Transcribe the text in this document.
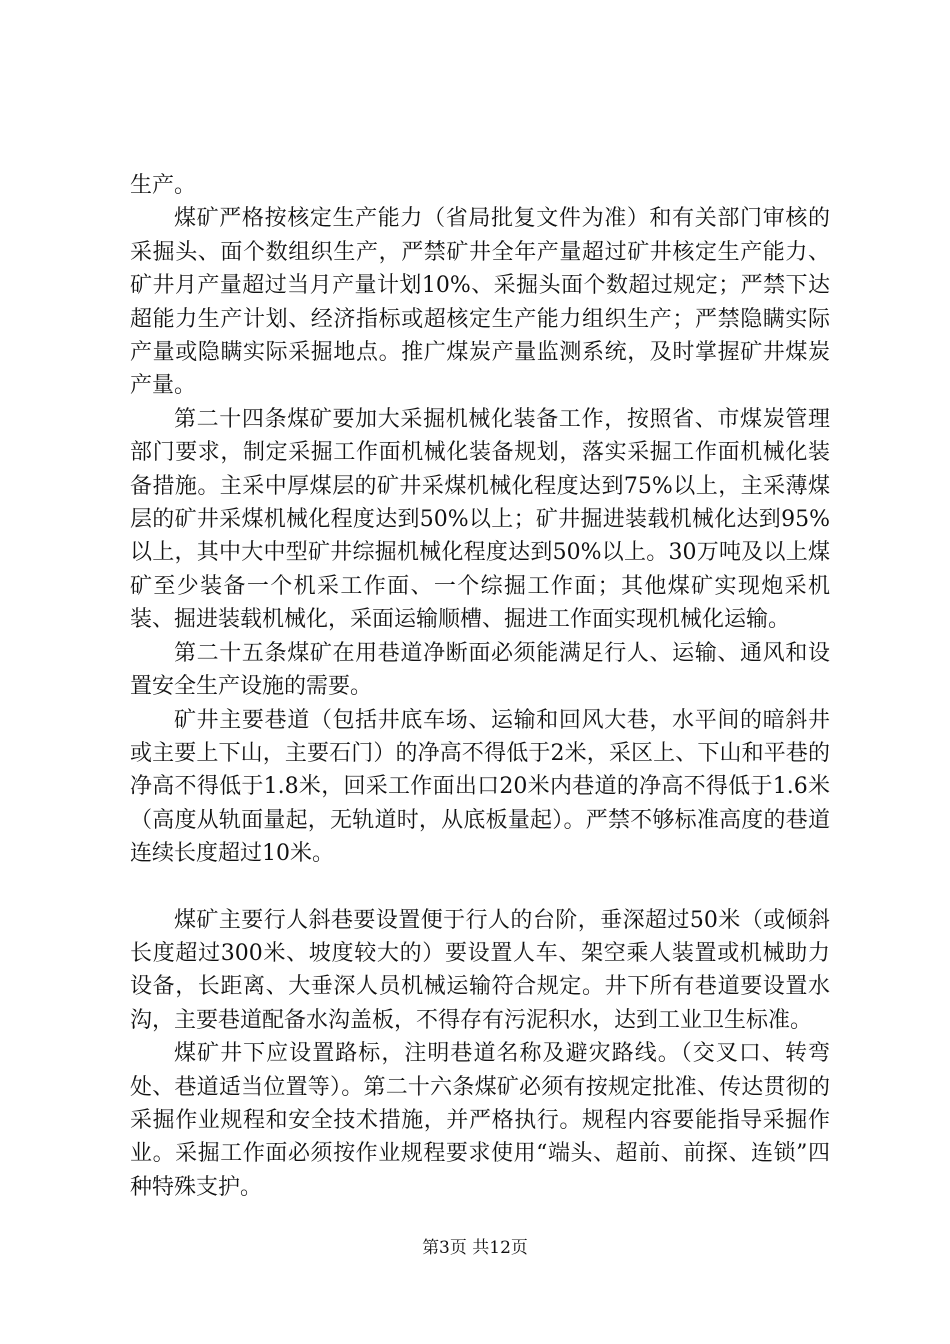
生产。

煤矿严格按核定生产能力（省局批复文件为准）和有关部门审核的采掘头、面个数组织生产，严禁矿井全年产量超过矿井核定生产能力、矿井月产量超过当月产量计划10%、采掘头面个数超过规定；严禁下达超能力生产计划、经济指标或超核定生产能力组织生产；严禁隐瞒实际产量或隐瞒实际采掘地点。推广煤炭产量监测系统，及时掌握矿井煤炭产量。

第二十四条煤矿要加大采掘机械化装备工作，按照省、市煤炭管理部门要求，制定采掘工作面机械化装备规划，落实采掘工作面机械化装备措施。主采中厚煤层的矿井采煤机械化程度达到75%以上，主采薄煤层的矿井采煤机械化程度达到50%以上；矿井掘进装载机械化达到95%以上，其中大中型矿井综掘机械化程度达到50%以上。30万吨及以上煤矿至少装备一个机采工作面、一个综掘工作面；其他煤矿实现炮采机装、掘进装载机械化，采面运输顺槽、掘进工作面实现机械化运输。

第二十五条煤矿在用巷道净断面必须能满足行人、运输、通风和设置安全生产设施的需要。

矿井主要巷道（包括井底车场、运输和回风大巷，水平间的暗斜井或主要上下山，主要石门）的净高不得低于2米，采区上、下山和平巷的净高不得低于1.8米，回采工作面出口20米内巷道的净高不得低于1.6米（高度从轨面量起，无轨道时，从底板量起）。严禁不够标准高度的巷道连续长度超过10米。

煤矿主要行人斜巷要设置便于行人的台阶，垂深超过50米（或倾斜长度超过300米、坡度较大的）要设置人车、架空乘人装置或机械助力设备，长距离、大垂深人员机械运输符合规定。井下所有巷道要设置水沟，主要巷道配备水沟盖板，不得存有污泥积水，达到工业卫生标准。

煤矿井下应设置路标，注明巷道名称及避灾路线。（交叉口、转弯处、巷道适当位置等）。第二十六条煤矿必须有按规定批准、传达贯彻的采掘作业规程和安全技术措施，并严格执行。规程内容要能指导采掘作业。采掘工作面必须按作业规程要求使用“端头、超前、前探、连锁”四种特殊支护。

第3页 共12页
